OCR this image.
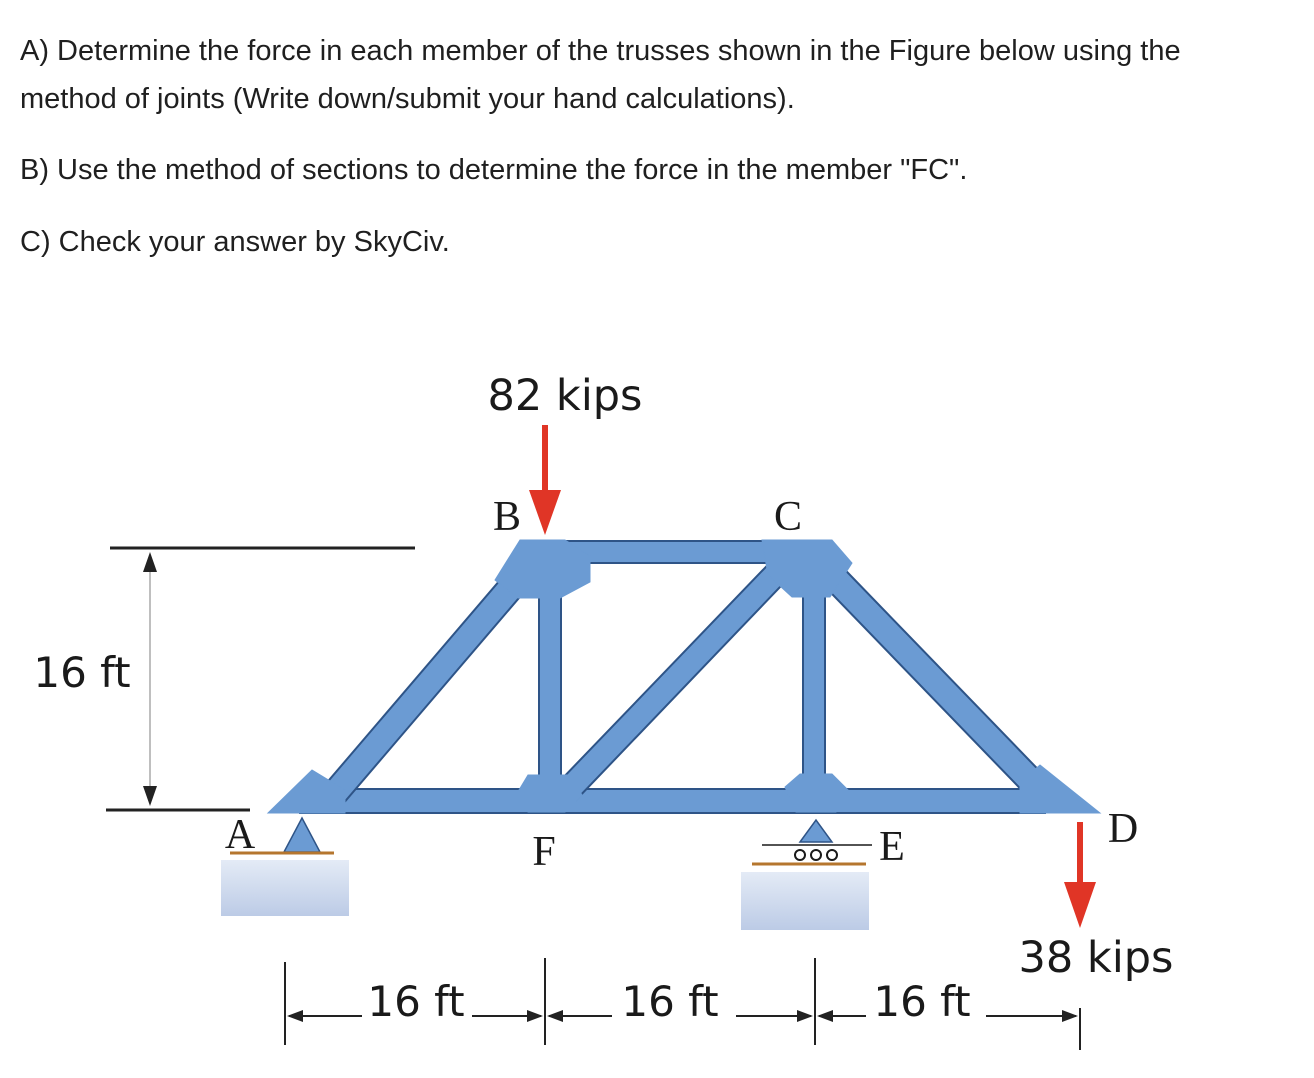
A) Determine the force in each member of the trusses shown in the Figure below using the
method of joints (Write down/submit your hand calculations).

B) Use the method of sections to determine the force in the member "FC".

C) Check your answer by SkyCiv.

16 ft
82 kips
38 kips
A
B	C
D
E
F
16 ft	16 ft	16 ft
